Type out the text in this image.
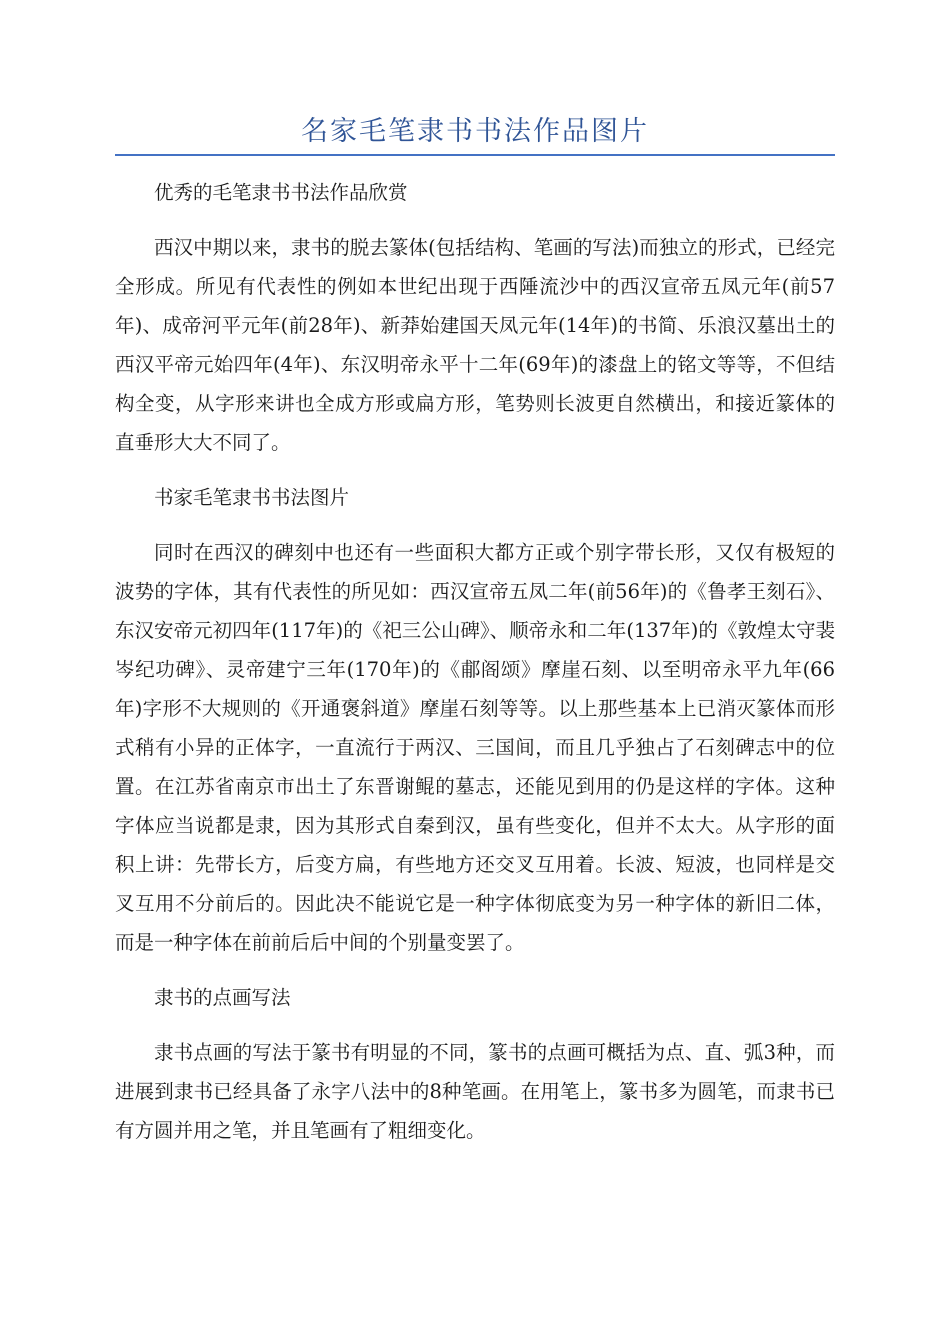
名家毛笔隶书书法作品图片

优秀的毛笔隶书书法作品欣赏

西汉中期以来，隶书的脱去篆体(包括结构、笔画的写法)而独立的形式，已经完全形成。所见有代表性的例如本世纪出现于西陲流沙中的西汉宣帝五凤元年(前57年)、成帝河平元年(前28年)、新莽始建国天凤元年(14年)的书简、乐浪汉墓出土的西汉平帝元始四年(4年)、东汉明帝永平十二年(69年)的漆盘上的铭文等等，不但结构全变，从字形来讲也全成方形或扁方形，笔势则长波更自然横出，和接近篆体的直垂形大大不同了。

书家毛笔隶书书法图片

同时在西汉的碑刻中也还有一些面积大都方正或个别字带长形，又仅有极短的波势的字体，其有代表性的所见如：西汉宣帝五凤二年(前56年)的《鲁孝王刻石》、东汉安帝元初四年(117年)的《祀三公山碑》、顺帝永和二年(137年)的《敦煌太守裴岑纪功碑》、灵帝建宁三年(170年)的《郙阁颂》摩崖石刻、以至明帝永平九年(66年)字形不大规则的《开通褒斜道》摩崖石刻等等。以上那些基本上已消灭篆体而形式稍有小异的正体字，一直流行于两汉、三国间，而且几乎独占了石刻碑志中的位置。在江苏省南京市出土了东晋谢鲲的墓志，还能见到用的仍是这样的字体。这种字体应当说都是隶，因为其形式自秦到汉，虽有些变化，但并不太大。从字形的面积上讲：先带长方，后变方扁，有些地方还交叉互用着。长波、短波，也同样是交叉互用不分前后的。因此决不能说它是一种字体彻底变为另一种字体的新旧二体，而是一种字体在前前后后中间的个别量变罢了。

隶书的点画写法

隶书点画的写法于篆书有明显的不同，篆书的点画可概括为点、直、弧3种，而进展到隶书已经具备了永字八法中的8种笔画。在用笔上，篆书多为圆笔，而隶书已有方圆并用之笔，并且笔画有了粗细变化。
